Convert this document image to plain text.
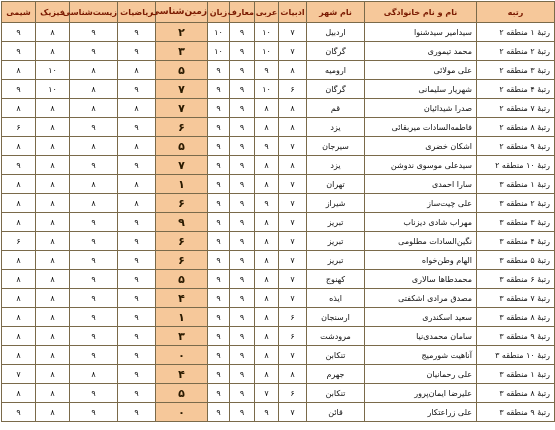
رتبه	نام و نام خانوادگی	نام شهر	ادبیات	عربی	معارف	زبان	زمین‌شناسی	ریاضیات	زیست‌شناسی	فیزیک	شیمی
رتبهٔ ۱ منطقه ۲	سیدامیر سیدشنوا	اردبیل	۷	۱۰	۹	۱۰	۲	۹	۹	۸	۹
رتبهٔ ۲ منطقه ۲	محمد تیموری	گرگان	۷	۱۰	۹	۱۰	۳	۹	۹	۸	۹
رتبهٔ ۳ منطقه ۲	علی مولائی	ارومیه	۸	۹	۹	۹	۵	۸	۸	۱۰	۸
رتبهٔ ۴ منطقه ۲	شهریار سلیمانی	گرگان	۶	۱۰	۹	۹	۷	۹	۸	۱۰	۹
رتبهٔ ۷ منطقه ۲	صدرا شیدائیان	قم	۸	۸	۹	۹	۷	۸	۸	۸	۸
رتبهٔ ۸ منطقه ۲	فاطمه‌السادات میربقائی	یزد	۸	۸	۹	۹	۶	۹	۹	۸	۶
رتبهٔ ۹ منطقه ۲	اشکان خضری	سیرجان	۷	۹	۹	۹	۵	۸	۸	۸	۸
رتبهٔ ۱۰ منطقه ۲	سیدعلی موسوی ندوشن	یزد	۸	۸	۹	۹	۷	۹	۹	۸	۹
رتبهٔ ۱ منطقه ۳	سارا احمدی	تهران	۷	۸	۹	۹	۱	۸	۸	۸	۸
رتبهٔ ۲ منطقه ۳	علی چیت‌ساز	شیراز	۷	۹	۹	۹	۶	۸	۸	۸	۸
رتبهٔ ۳ منطقه ۳	مهراب شادی دیزناب	تبریز	۷	۸	۹	۹	۹	۹	۹	۸	۸
رتبهٔ ۴ منطقه ۳	نگین‌السادات مطلومی	تبریز	۷	۸	۹	۹	۶	۹	۹	۸	۶
رتبهٔ ۵ منطقه ۳	الهام وطن‌خواه	تبریز	۷	۸	۹	۹	۶	۹	۹	۸	۸
رتبهٔ ۶ منطقه ۳	محمدطاها سالاری	کهنوج	۷	۸	۹	۹	۵	۹	۹	۸	۸
رتبهٔ ۷ منطقه ۳	مصدق مرادی اشکفتی	ایذه	۷	۸	۹	۹	۴	۹	۹	۸	۸
رتبهٔ ۸ منطقه ۳	سعید اسکندری	ارسنجان	۶	۸	۹	۹	۱	۹	۹	۸	۸
رتبهٔ ۹ منطقه ۳	سامان محمدی‌نیا	مرودشت	۶	۸	۹	۹	۳	۹	۹	۸	۸
رتبهٔ ۱۰ منطقه ۳	آناهیت شورمیج	تنکابن	۷	۸	۹	۹	۰	۹	۹	۸	۸
رتبهٔ ۱ منطقه ۳	علی رحمانیان	جهرم	۸	۸	۹	۹	۴	۹	۸	۸	۷
رتبهٔ ۸ منطقه ۳	علیرضا ایمان‌پرور	تنکابن	۶	۷	۹	۹	۵	۹	۹	۸	۸
رتبهٔ ۹ منطقه ۳	علی زراعتکار	قائن	۷	۹	۹	۹	۰	۹	۹	۸	۹
